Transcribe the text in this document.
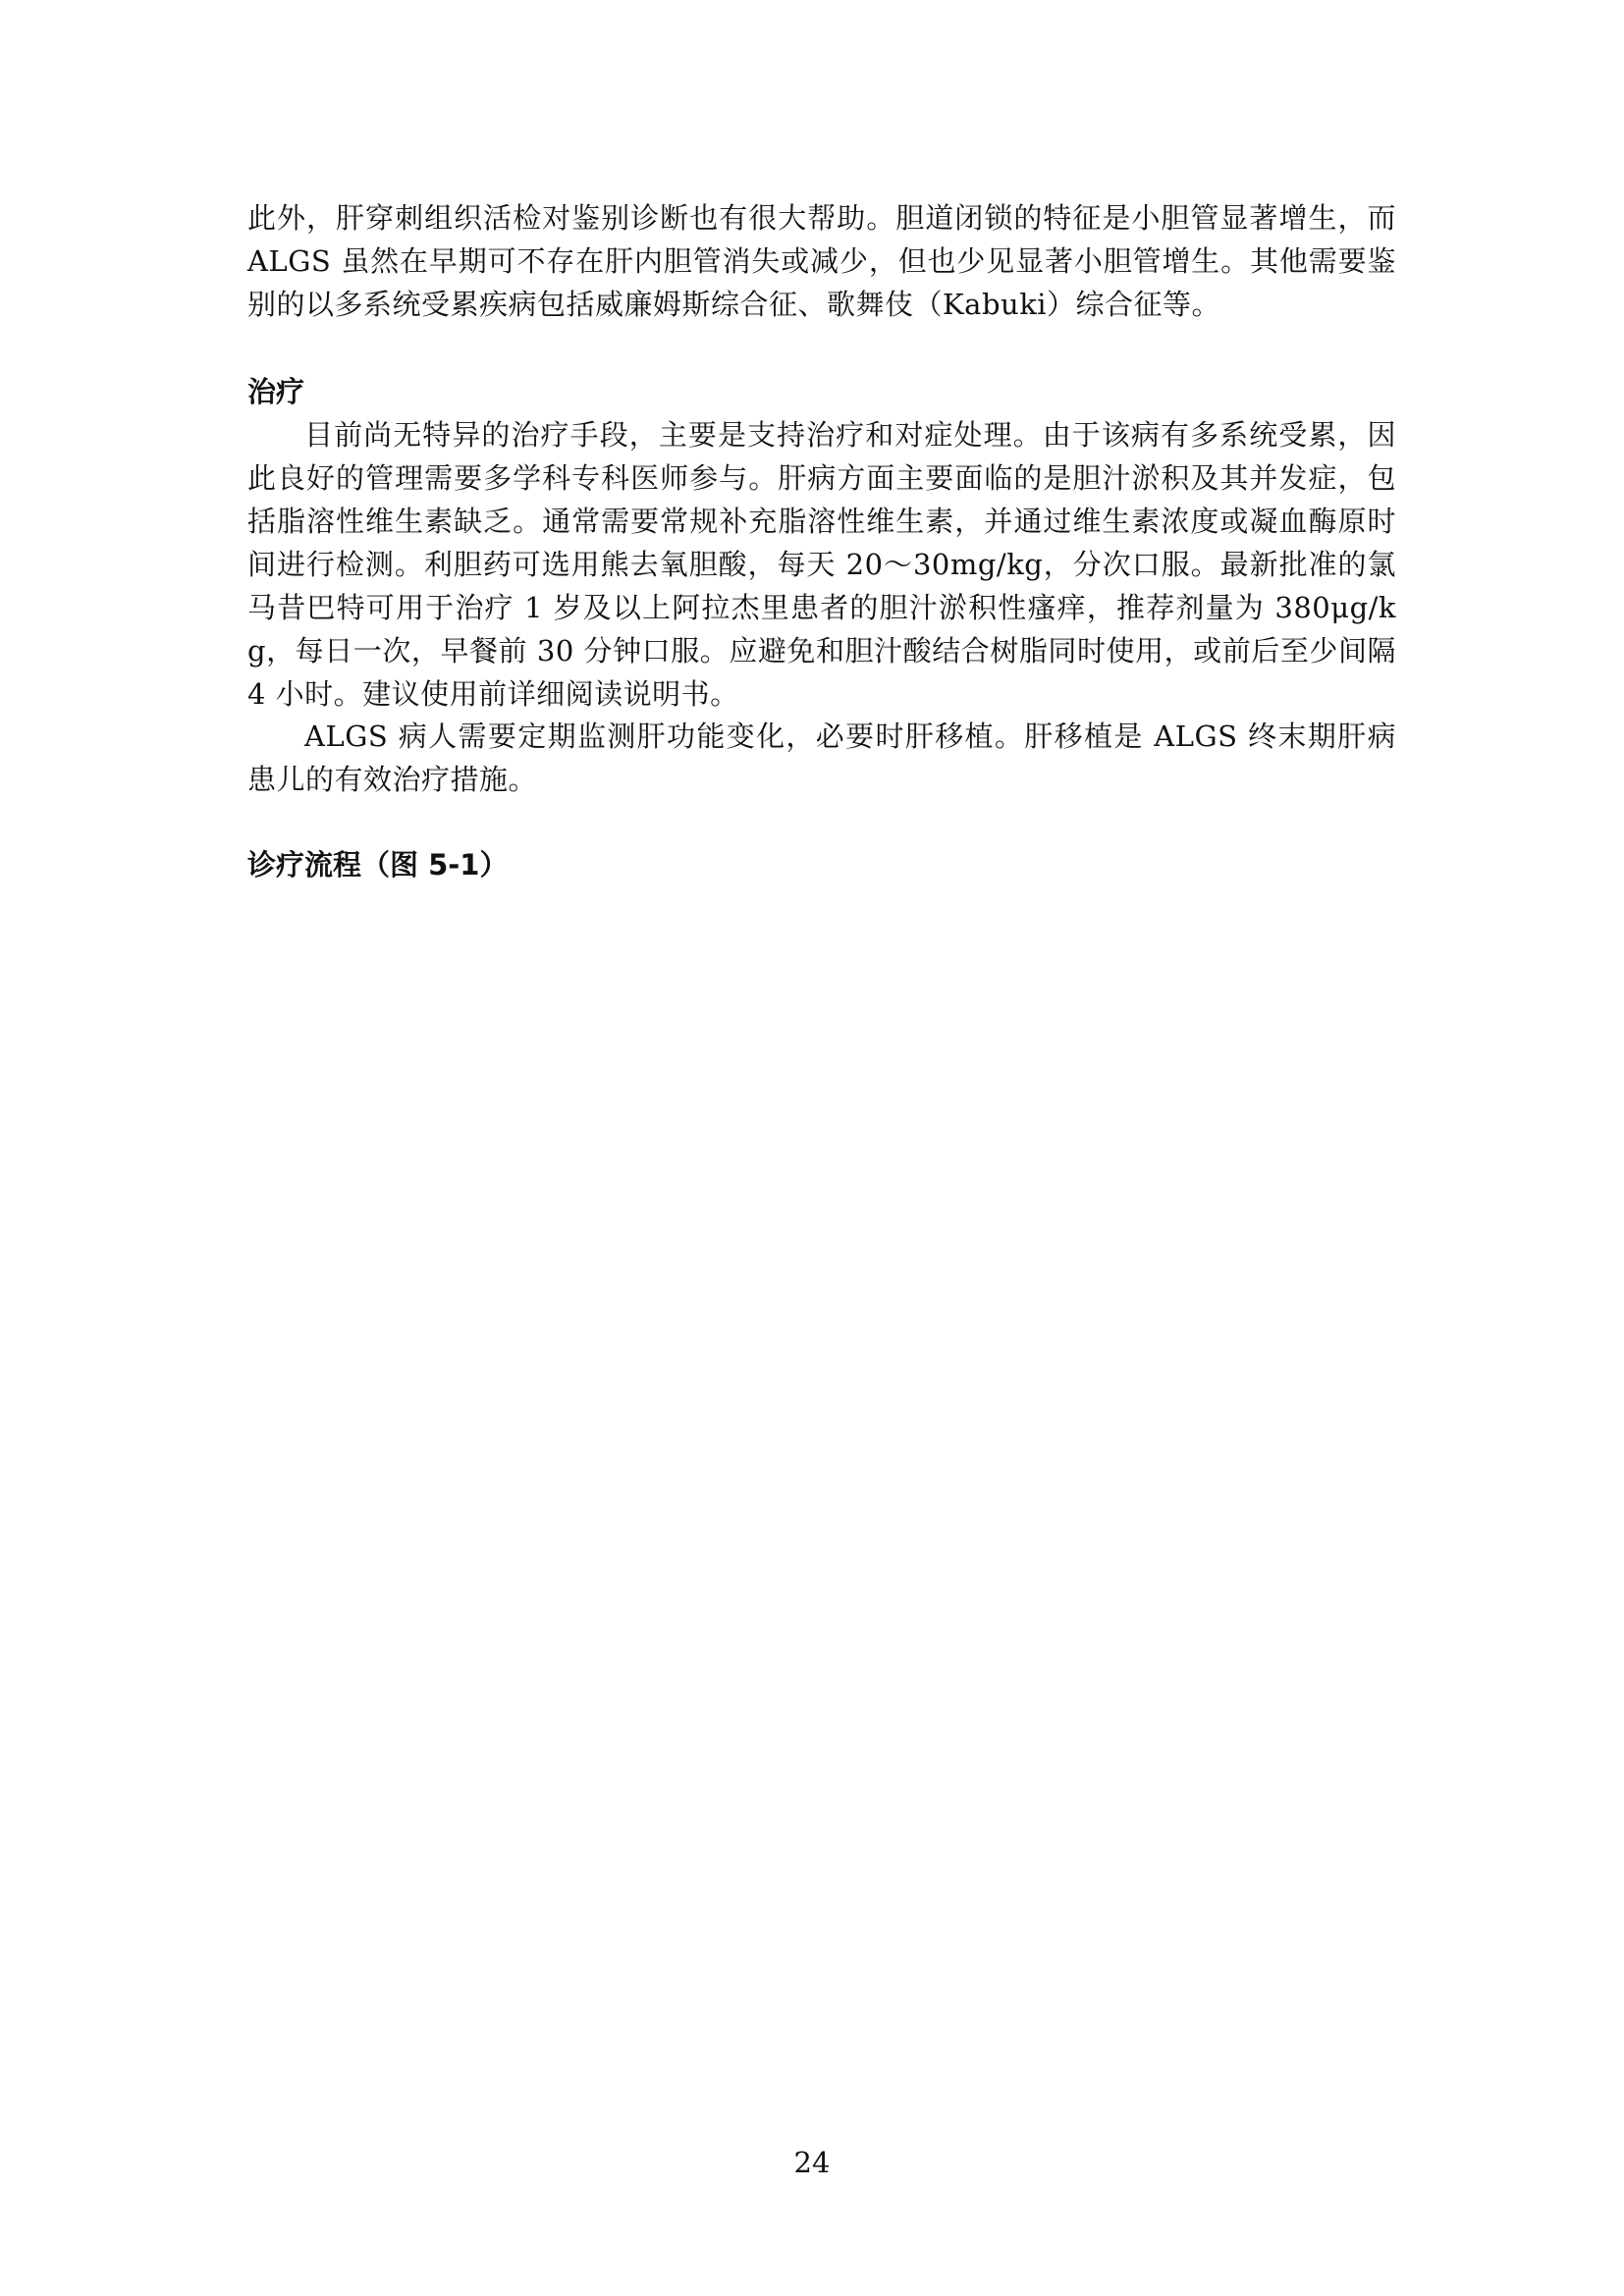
此外，肝穿刺组织活检对鉴别诊断也有很大帮助。胆道闭锁的特征是小胆管显著增生，而ALGS 虽然在早期可不存在肝内胆管消失或减少，但也少见显著小胆管增生。其他需要鉴别的以多系统受累疾病包括威廉姆斯综合征、歌舞伎（Kabuki）综合征等。

治疗

目前尚无特异的治疗手段，主要是支持治疗和对症处理。由于该病有多系统受累，因此良好的管理需要多学科专科医师参与。肝病方面主要面临的是胆汁淤积及其并发症，包括脂溶性维生素缺乏。通常需要常规补充脂溶性维生素，并通过维生素浓度或凝血酶原时间进行检测。利胆药可选用熊去氧胆酸，每天 20～30mg/kg，分次口服。最新批准的氯马昔巴特可用于治疗 1 岁及以上阿拉杰里患者的胆汁淤积性瘙痒，推荐剂量为 380μg/kg，每日一次，早餐前 30 分钟口服。应避免和胆汁酸结合树脂同时使用，或前后至少间隔 4 小时。建议使用前详细阅读说明书。

ALGS 病人需要定期监测肝功能变化，必要时肝移植。肝移植是 ALGS 终末期肝病患儿的有效治疗措施。

诊疗流程（图 5-1）
24
